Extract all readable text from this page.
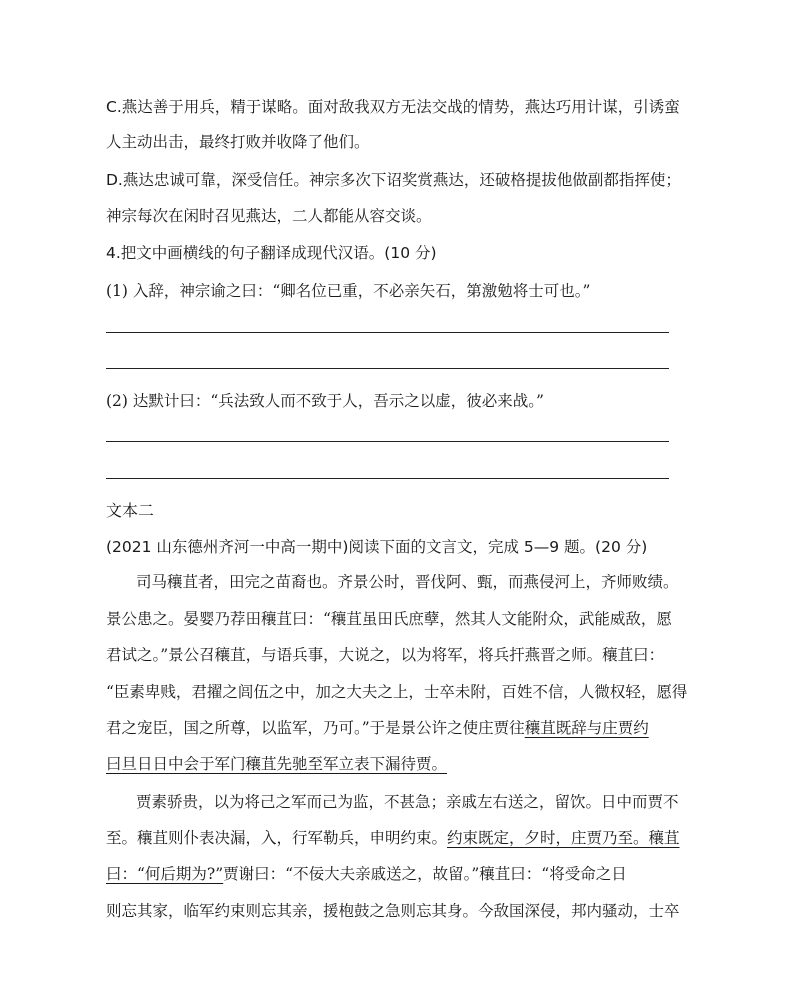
C.燕达善于用兵，精于谋略。面对敌我双方无法交战的情势，燕达巧用计谋，引诱蛮
人主动出击，最终打败并收降了他们。
D.燕达忠诚可靠，深受信任。神宗多次下诏奖赏燕达，还破格提拔他做副都指挥使；
神宗每次在闲时召见燕达，二人都能从容交谈。
4.把文中画横线的句子翻译成现代汉语。(10 分)
(1) 入辞，神宗谕之曰：“卿名位已重，不必亲矢石，第激勉将士可也。”
(2) 达默计曰：“兵法致人而不致于人，吾示之以虚，彼必来战。”
文本二
(2021 山东德州齐河一中高一期中)阅读下面的文言文，完成 5—9 题。(20 分)
司马穰苴者，田完之苗裔也。齐景公时，晋伐阿、甄，而燕侵河上，齐师败绩。
景公患之。晏婴乃荐田穰苴曰：“穰苴虽田氏庶孽，然其人文能附众，武能威敌，愿
君试之。”景公召穰苴，与语兵事，大说之，以为将军，将兵扞燕晋之师。穰苴曰：
“臣素卑贱，君擢之闾伍之中，加之大夫之上，士卒未附，百姓不信，人微权轻，愿得
君之宠臣，国之所尊，以监军，乃可。”于是景公许之使庄贾往穰苴既辞与庄贾约
曰旦日日中会于军门穰苴先驰至军立表下漏待贾。
贾素骄贵，以为将己之军而己为监，不甚急；亲戚左右送之，留饮。日中而贾不
至。穰苴则仆表决漏，入，行军勒兵，申明约束。约束既定，夕时，庄贾乃至。穰苴
曰：“何后期为?”贾谢曰：“不佞大夫亲戚送之，故留。”穰苴曰：“将受命之日
则忘其家，临军约束则忘其亲，援枹鼓之急则忘其身。今敌国深侵，邦内骚动，士卒
